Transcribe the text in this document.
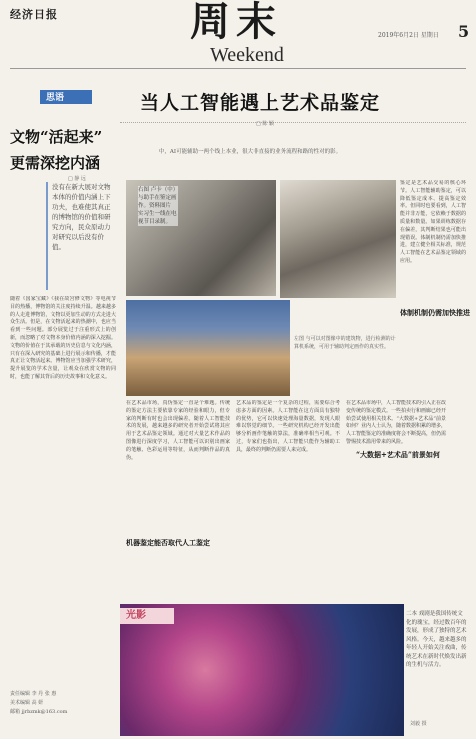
经济日报	周末
Weekend
2019年6月2日 星期日 5
思语	当人工智能遇上艺术品鉴定
□ 陈 颖
中，AI可能辅助一两个线上本业，很大非直接的业务流程和路的性对的影。
文物“活起来”
更需深挖内涵
□ 静 远
没有在新大展对文物本体的价值内涵上下功夫，也难使其真正的博物馆的价值和研究方向，民众原动力对研究以后没有价值。
随着《国家宝藏》《我在故宫修文物》等电视节目的热播，博物馆的关注度持续升温。越来越多的人走进博物馆，文物以更加生动的方式走进大众生活。但是，在文物活起来的热潮中，也应当看到一些问题。部分展览过于注重形式上的创新，而忽略了对文物本身价值内涵的深入挖掘。文物的价值在于其承载的历史信息与文化内涵，只有在深入研究的基础上进行展示和传播，才能真正让文物活起来。博物馆应当加强学术研究，提升展览的学术含量，让观众在欣赏文物的同时，也能了解其背后的历史故事和文化意义。
右图 卢卡（中）与助手在鉴定画作。资料图片 实习生一线在电视节目录制。
左图 与可以对图像中的建筑物，进行检测的计算机系统，可用于辅助判定画作的真实性。
在艺术品市场，真伪鉴定一直是个难题。传统的鉴定方法主要依靠专家的经验和眼力，但专家的判断有时也会出现偏差。随着人工智能技术的发展，越来越多的研究者开始尝试将其应用于艺术品鉴定领域。通过对大量艺术作品的图像进行深度学习，人工智能可以识别出画家的笔触、色彩运用等特征，从而判断作品的真伪。
艺术品的鉴定是一个复杂的过程，需要综合考虑多方面的因素。人工智能在这方面具有独特的优势，它可以快速处理海量数据，发现人眼难以察觉的细节。一些研究机构已经开发出能够分析画作笔触的算法，准确率相当可观。不过，专家们也指出，人工智能只能作为辅助工具，最终的判断仍需要人来完成。
在艺术品市场中，人工智能技术的引入正在改变传统的鉴定模式。一些拍卖行和画廊已经开始尝试使用相关技术。“大数据+艺术品”前景如何？业内人士认为，随着数据积累的增多，人工智能鉴定的准确度将会不断提高，但仍需警惕技术滥用带来的风险。
鉴定是艺术品交易的核心环节。人工智能辅助鉴定，可以降低鉴定成本、提高鉴定效率。但同时也要看到，人工智能并非万能，它依赖于数据的质量和数量。如果训练数据存在偏差，其判断结果也可能出现错误。体制机制仍需加快推进，建立健全相关标准，规范人工智能在艺术品鉴定领域的应用。
机器鉴定能否取代人工鉴定
“大数据+艺术品”前景如何
体制机制仍需加快推进
光影	二本 戏剧是我国传统文化的瑰宝，经过数百年的发展，形成了独特的艺术风格。今天，越来越多的年轻人开始关注戏曲，传统艺术在新时代焕发出新的生机与活力。
刘毅 摄
责任编辑 李 丹 张 惠
美术编辑 高 妍
邮箱 jjrbzmk@163.com
